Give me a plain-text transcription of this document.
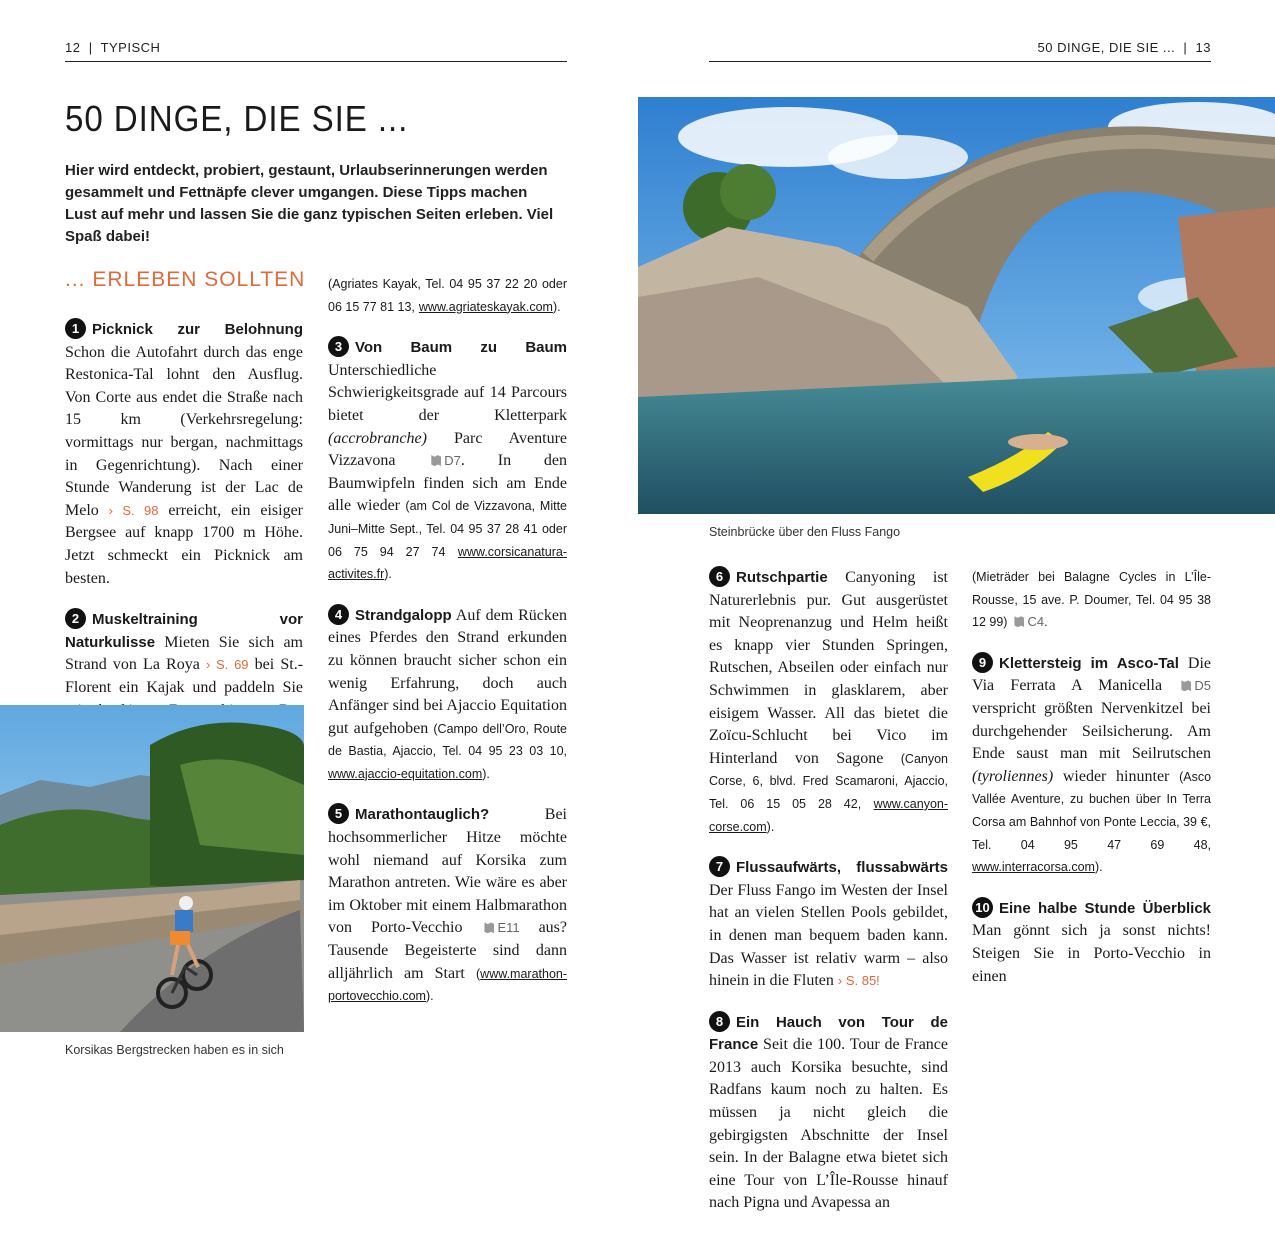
12  |  TYPISCH	50 DINGE, DIE SIE ...  |  13
50 DINGE, DIE SIE ...
Hier wird entdeckt, probiert, gestaunt, Urlaubserinnerungen werden gesammelt und Fettnäpfe clever umgangen. Diese Tipps machen Lust auf mehr und lassen Sie die ganz typischen Seiten erleben. Viel Spaß dabei!
... ERLEBEN SOLLTEN
1 Picknick zur Belohnung Schon die Autofahrt durch das enge Restonica-Tal lohnt den Ausflug. Von Corte aus endet die Straße nach 15 km (Verkehrsregelung: vormittags nur bergan, nachmittags in Gegenrichtung). Nach einer Stunde Wanderung ist der Lac de Melo › S. 98 erreicht, ein eisiger Bergsee auf knapp 1700 m Höhe. Jetzt schmeckt ein Picknick am besten.
2 Muskeltraining vor Naturkulisse Mieten Sie sich am Strand von La Roya › S. 69 bei St.-Florent ein Kajak und paddeln Sie
Korsikas Bergstrecken haben es in sich
(Agriates Kayak, Tel. 04 95 37 22 20 oder 06 15 77 81 13, www.agriateskayak.com).
3 Von Baum zu Baum Unterschiedliche Schwierigkeitsgrade auf 14 Parcours bietet der Kletterpark (accrobranche) Parc Aventure Vizzavona	D7. In den Baumwipfeln finden sich am Ende alle wieder (am Col de Vizzavona, Mitte Juni–Mitte Sept., Tel. 04 95 37 28 41 oder 06 75 94 27 74 www.corsicanatura-activites.fr).
4 Strandgalopp Auf dem Rücken eines Pferdes den Strand erkunden zu können braucht sicher schon ein wenig Erfahrung, doch auch Anfänger sind bei Ajaccio Equitation gut aufgehoben (Campo dell’Oro, Route de Bastia, Ajaccio, Tel. 04 95 23 03 10, www.ajaccio-equitation.com).
5 Marathontauglich?	Bei hochsommerlicher Hitze möchte wohl niemand auf Korsika zum Marathon antreten. Wie wäre es aber im Oktober mit einem Halbmarathon von Porto-Vecchio	E11 aus? Tausende Begeisterte sind dann alljährlich am Start (www.marathon-portovecchio.com).
Steinbrücke über den Fluss Fango
6 Rutschpartie Canyoning ist Naturerlebnis pur. Gut ausgerüstet mit Neoprenanzug und Helm heißt es knapp vier Stunden Springen, Rutschen, Abseilen oder einfach nur Schwimmen in glasklarem, aber eisigem Wasser. All das bietet die Zoïcu-Schlucht bei Vico im Hinterland von Sagone (Canyon Corse, 6, blvd. Fred Scamaroni, Ajaccio, Tel. 06 15 05 28 42, www.canyon-corse.com).
7 Flussaufwärts, flussabwärts Der Fluss Fango im Westen der Insel hat an vielen Stellen Pools gebildet, in denen man bequem baden kann. Das Wasser ist relativ warm – also hinein in die Fluten › S. 85!
8 Ein Hauch von Tour de France Seit die 100. Tour de France 2013 auch Korsika besuchte, sind Radfans kaum noch zu halten. Es müssen ja nicht gleich die gebirgigsten Abschnitte der Insel sein. In der Balagne etwa bietet sich eine Tour von L’Île-Rousse hinauf nach Pigna und Avapessa an
(Mieträder bei Balagne Cycles in L’Île-Rousse, 15 ave. P. Doumer, Tel. 04 95 38 12 99) C4.
9 Klettersteig im Asco-Tal Die Via Ferrata A Manicella D5 verspricht größten Nervenkitzel bei durchgehender Seilsicherung. Am Ende saust man mit Seilrutschen (tyroliennes) wieder hinunter (Asco Vallée Aventure, zu buchen über In Terra Corsa am Bahnhof von Ponte Leccia, 39 €, Tel. 04 95 47 69 48, www.interracorsa.com).
10 Eine halbe Stunde Überblick Man gönnt sich ja sonst nichts! Steigen Sie in Porto-Vecchio in einen
